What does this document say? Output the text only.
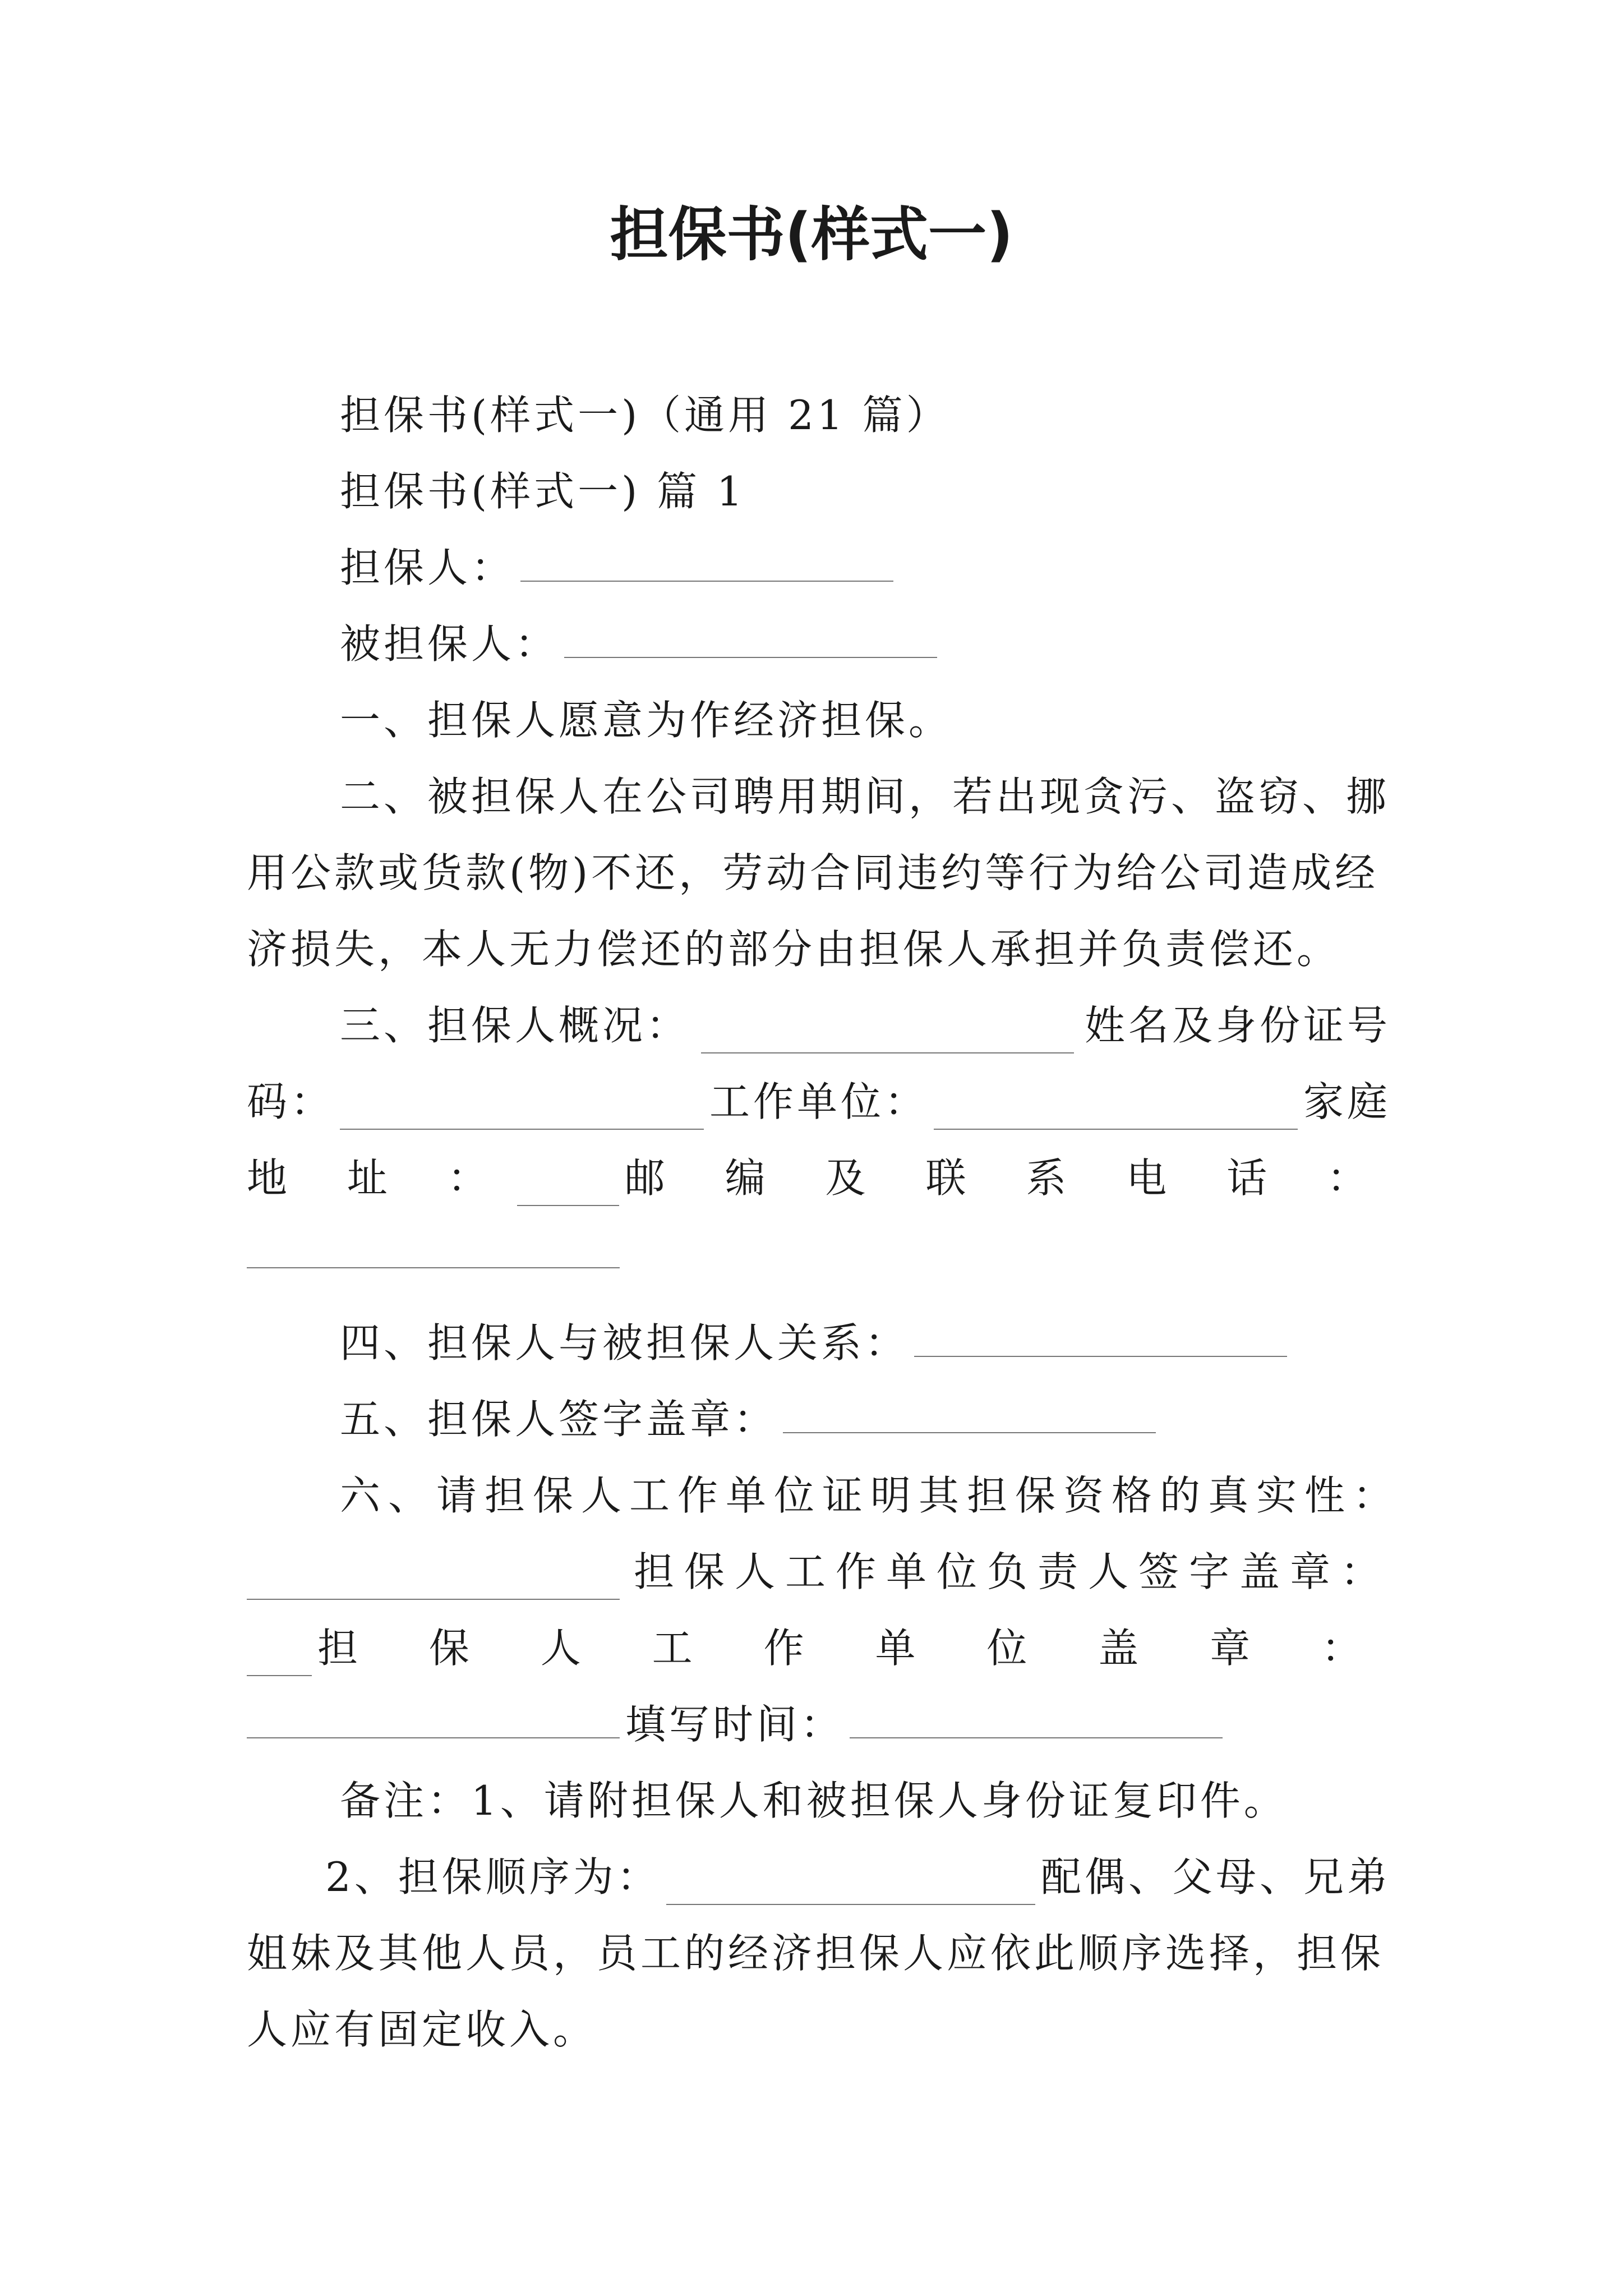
担保书(样式一)
担保书(样式一)（通用 21 篇）
担保书(样式一) 篇 1
担保人：
被担保人：
一、担保人愿意为作经济担保。
二、被担保人在公司聘用期间，若出现贪污、盗窃、挪
用公款或货款(物)不还，劳动合同违约等行为给公司造成经
济损失，本人无力偿还的部分由担保人承担并负责偿还。
三、担保人概况：	姓名及身份证号
码：	工作单位：	家庭
地 址 ：	邮 编 及 联 系 电 话 ：
四、担保人与被担保人关系：
五、担保人签字盖章：
六、请担保人工作单位证明其担保资格的真实性：
担保人工作单位负责人签字盖章：
担 保 人 工 作 单 位 盖 章 ：
填写时间：
备注：1、请附担保人和被担保人身份证复印件。
2、担保顺序为：	配偶、父母、兄弟
姐妹及其他人员，员工的经济担保人应依此顺序选择，担保
人应有固定收入。
